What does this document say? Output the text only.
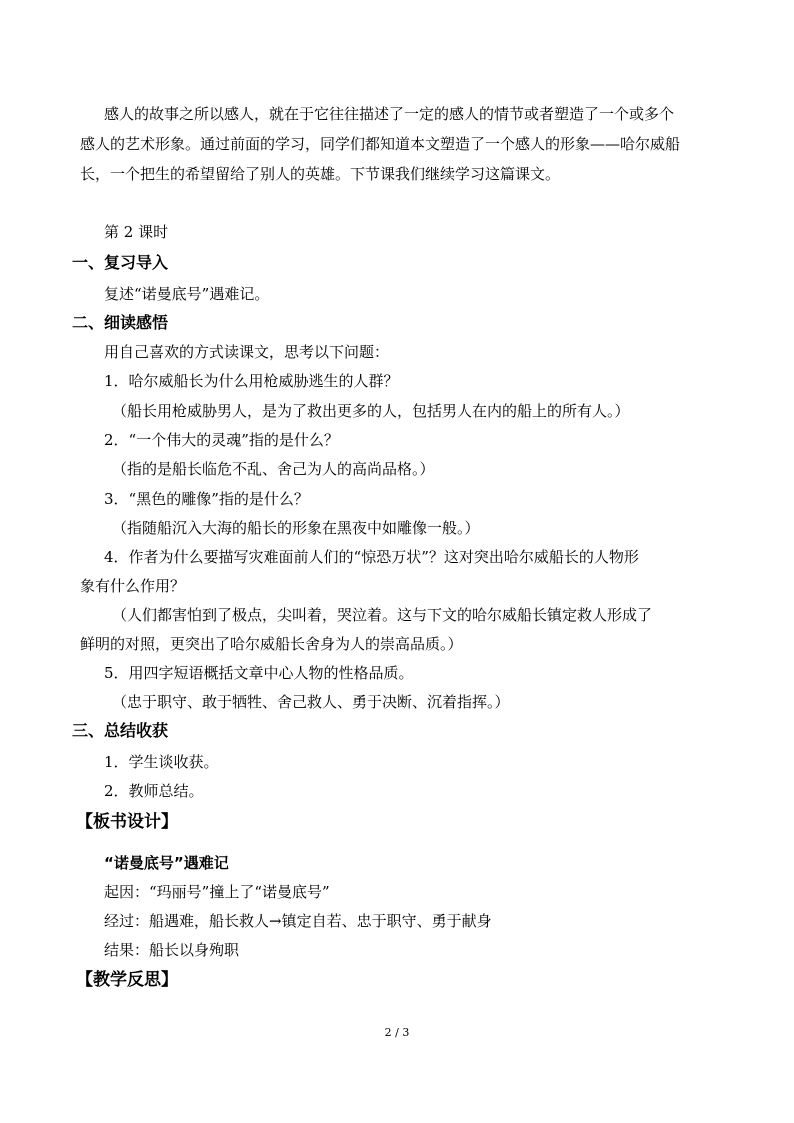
感人的故事之所以感人，就在于它往往描述了一定的感人的情节或者塑造了一个或多个
感人的艺术形象。通过前面的学习，同学们都知道本文塑造了一个感人的形象——哈尔威船
长，一个把生的希望留给了别人的英雄。下节课我们继续学习这篇课文。
第 2 课时
一、复习导入
复述“诺曼底号”遇难记。
二、细读感悟
用自己喜欢的方式读课文，思考以下问题：
1．哈尔威船长为什么用枪威胁逃生的人群？
（船长用枪威胁男人，是为了救出更多的人，包括男人在内的船上的所有人。）
2．“一个伟大的灵魂”指的是什么？
（指的是船长临危不乱、舍己为人的高尚品格。）
3．“黑色的雕像”指的是什么？
（指随船沉入大海的船长的形象在黑夜中如雕像一般。）
4．作者为什么要描写灾难面前人们的“惊恐万状”？这对突出哈尔威船长的人物形
象有什么作用？
（人们都害怕到了极点，尖叫着，哭泣着。这与下文的哈尔威船长镇定救人形成了
鲜明的对照，更突出了哈尔威船长舍身为人的崇高品质。）
5．用四字短语概括文章中心人物的性格品质。
（忠于职守、敢于牺牲、舍己救人、勇于决断、沉着指挥。）
三、总结收获
1．学生谈收获。
2．教师总结。
【板书设计】
“诺曼底号”遇难记
起因：“玛丽号”撞上了“诺曼底号”
经过：船遇难，船长救人→镇定自若、忠于职守、勇于献身
结果：船长以身殉职
【教学反思】
2 / 3
